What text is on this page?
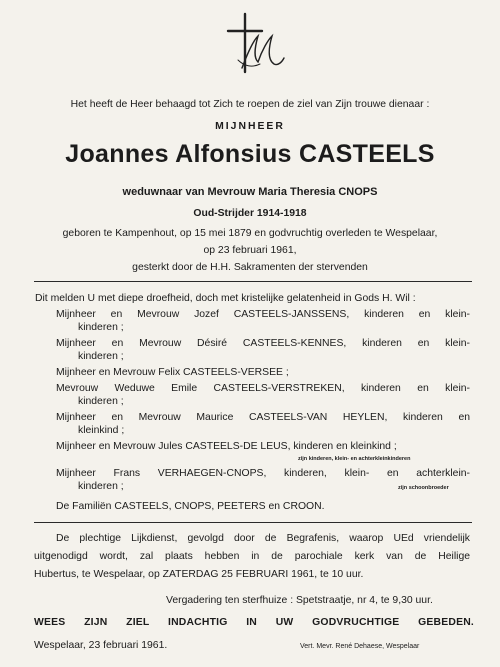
Het heeft de Heer behaagd tot Zich te roepen de ziel van Zijn trouwe dienaar :
MIJNHEER
Joannes Alfonsius CASTEELS
weduwnaar van Mevrouw Maria Theresia CNOPS
Oud-Strijder 1914-1918
geboren te Kampenhout, op 15 mei 1879 en godvruchtig overleden te Wespelaar,
op 23 februari 1961,
gesterkt door de H.H. Sakramenten der stervenden
Dit melden U met diepe droefheid, doch met kristelijke gelatenheid in Gods H. Wil :
Mijnheer en Mevrouw Jozef CASTEELS-JANSSENS, kinderen en klein-
kinderen ;
Mijnheer en Mevrouw Désiré CASTEELS-KENNES, kinderen en klein-
kinderen ;
Mijnheer en Mevrouw Felix CASTEELS-VERSEE ;
Mevrouw Weduwe Emile CASTEELS-VERSTREKEN, kinderen en klein-
kinderen ;
Mijnheer en Mevrouw Maurice CASTEELS-VAN HEYLEN, kinderen en
kleinkind ;
Mijnheer en Mevrouw Jules CASTEELS-DE LEUS, kinderen en kleinkind ;
zijn kinderen, klein- en achterkleinkinderen
Mijnheer Frans VERHAEGEN-CNOPS, kinderen, klein- en achterklein-
kinderen ;	zijn schoonbroeder
De Familiën CASTEELS, CNOPS, PEETERS en CROON.
De plechtige Lijkdienst, gevolgd door de Begrafenis, waarop UEd vriendelijk
uitgenodigd wordt, zal plaats hebben in de parochiale kerk van de Heilige
Hubertus, te Wespelaar, op ZATERDAG 25 FEBRUARI 1961, te 10 uur.
Vergadering ten sterfhuize : Spetstraatje, nr 4, te 9,30 uur.
WEES ZIJN ZIEL INDACHTIG IN UW GODVRUCHTIGE GEBEDEN.
Wespelaar, 23 februari 1961.	Vert. Mevr. René Dehaese, Wespelaar
